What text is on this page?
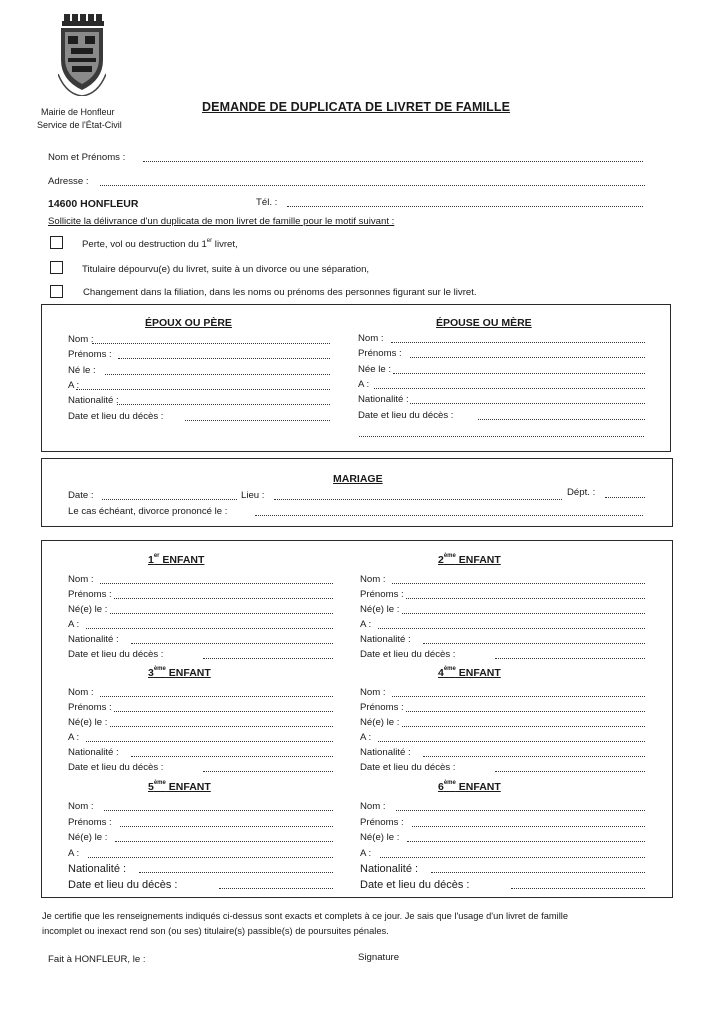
Mairie de Honfleur
Service de l'État-Civil
DEMANDE DE DUPLICATA DE LIVRET DE FAMILLE
Nom et Prénoms :
Adresse :
14600 HONFLEUR	Tél. :
Sollicite la délivrance d'un duplicata de mon livret de famille pour le motif suivant :
Perte, vol ou destruction du 1er livret,
Titulaire dépourvu(e) du livret, suite à un divorce ou une séparation,
Changement dans la filiation, dans les noms ou prénoms des personnes figurant sur le livret.
ÉPOUX OU PÈRE	ÉPOUSE OU MÈRE
Nom :
Prénoms :
Né le :
A :
Nationalité :
Date et lieu du décès :
Nom :
Prénoms :
Née le :
A :
Nationalité :
Date et lieu du décès :
MARIAGE
Date :	Lieu :	Dépt. :
Le cas échéant, divorce prononcé le :
1er ENFANT
Nom :
Prénoms :
Né(e) le :
A :
Nationalité :
Date et lieu du décès :
2ème ENFANT
Nom :
Prénoms :
Né(e) le :
A :
Nationalité :
Date et lieu du décès :
3ème ENFANT
Nom :
Prénoms :
Né(e) le :
A :
Nationalité :
Date et lieu du décès :
4ème ENFANT
Nom :
Prénoms :
Né(e) le :
A :
Nationalité :
Date et lieu du décès :
5ème ENFANT
Nom :
Prénoms :
Né(e) le :
A :
Nationalité :
Date et lieu du décès :
6ème ENFANT
Nom :
Prénoms :
Né(e) le :
A :
Nationalité :
Date et lieu du décès :
Je certifie que les renseignements indiqués ci-dessus sont exacts et complets à ce jour. Je sais que l'usage d'un livret de famille
incomplet ou inexact rend son (ou ses) titulaire(s) passible(s) de poursuites pénales.
Fait à HONFLEUR, le :	Signature
